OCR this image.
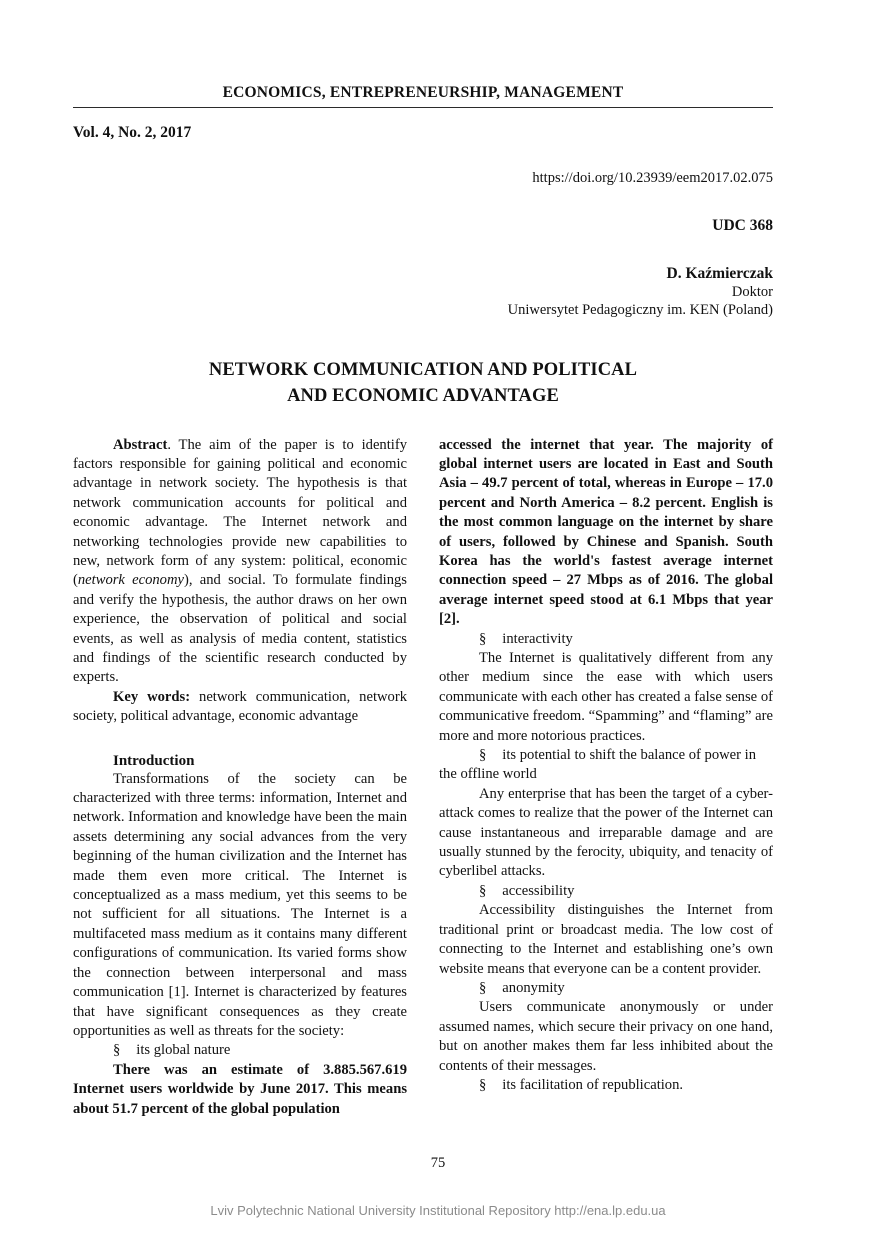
ECONOMICS, ENTREPRENEURSHIP, MANAGEMENT
Vol. 4, No. 2, 2017
https://doi.org/10.23939/eem2017.02.075
UDC 368
D. Kaźmierczak
Doktor
Uniwersytet Pedagogiczny im. KEN (Poland)
NETWORK COMMUNICATION AND POLITICAL
AND ECONOMIC ADVANTAGE

Abstract. The aim of the paper is to identify factors responsible for gaining political and economic advantage in network society. The hypothesis is that network communication accounts for political and economic advantage. The Internet network and networking technologies provide new capabilities to new, network form of any system: political, economic (network economy), and social. To formulate findings and verify the hypothesis, the author draws on her own experience, the observation of political and social events, as well as analysis of media content, statistics and findings of the scientific research conducted by experts.

Key words: network communication, network society, political advantage, economic advantage

Introduction

Transformations of the society can be characterized with three terms: information, Internet and network. Information and knowledge have been the main assets determining any social advances from the very beginning of the human civilization and the Internet has made them even more critical. The Internet is conceptualized as a mass medium, yet this seems to be not sufficient for all situations. The Internet is a multifaceted mass medium as it contains many different configurations of communication. Its varied forms show the connection between interpersonal and mass communication [1]. Internet is characterized by features that have significant consequences as they create opportunities as well as threats for the society:

§ its global nature

There was an estimate of 3.885.567.619 Internet users worldwide by June 2017. This means about 51.7 percent of the global population

accessed the internet that year. The majority of global internet users are located in East and South Asia – 49.7 percent of total, whereas in Europe – 17.0 percent and North America – 8.2 percent. English is the most common language on the internet by share of users, followed by Chinese and Spanish. South Korea has the world's fastest average internet connection speed – 27 Mbps as of 2016. The global average internet speed stood at 6.1 Mbps that year [2].

§ interactivity

The Internet is qualitatively different from any other medium since the ease with which users communicate with each other has created a false sense of communicative freedom. “Spamming” and “flaming” are more and more notorious practices.

§ its potential to shift the balance of power in the offline world

Any enterprise that has been the target of a cyber-attack comes to realize that the power of the Internet can cause instantaneous and irreparable damage and are usually stunned by the ferocity, ubiquity, and tenacity of cyberlibel attacks.

§ accessibility

Accessibility distinguishes the Internet from traditional print or broadcast media. The low cost of connecting to the Internet and establishing one’s own website means that everyone can be a content provider.

§ anonymity

Users communicate anonymously or under assumed names, which secure their privacy on one hand, but on another makes them far less inhibited about the contents of their messages.

§ its facilitation of republication.

75
Lviv Polytechnic National University Institutional Repository http://ena.lp.edu.ua
